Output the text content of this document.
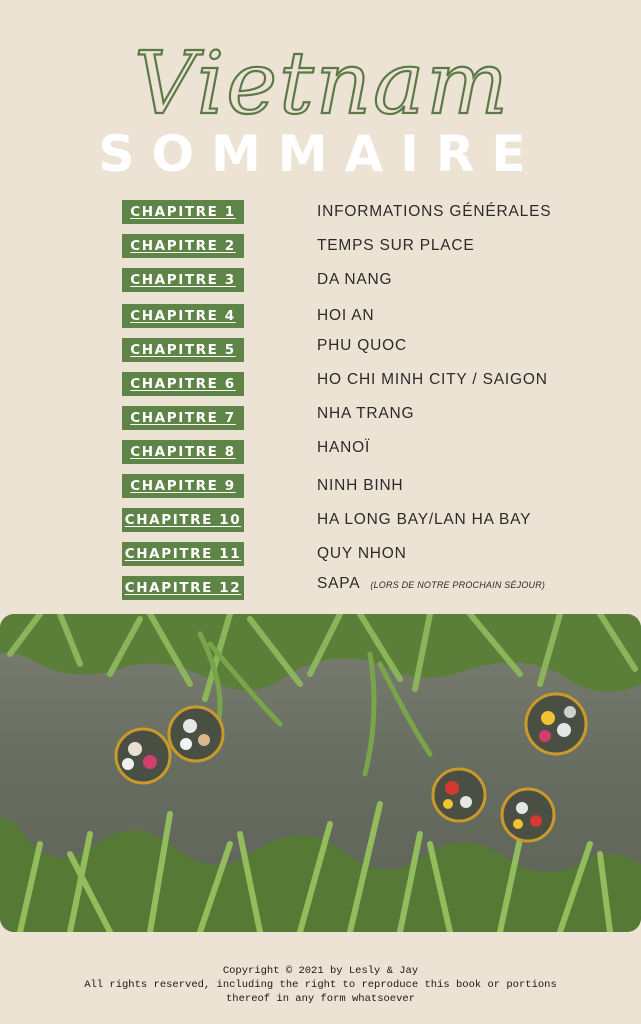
Vietnam
SOMMAIRE
CHAPITRE 1	INFORMATIONS GÉNÉRALES
CHAPITRE 2	TEMPS SUR PLACE
CHAPITRE 3	DA NANG
CHAPITRE 4	HOI AN
CHAPITRE 5	PHU QUOC
CHAPITRE 6	HO CHI MINH CITY / SAIGON
CHAPITRE 7	NHA TRANG
CHAPITRE 8	HANOÏ
CHAPITRE 9	NINH BINH
CHAPITRE 10	HA LONG BAY/LAN HA BAY
CHAPITRE 11	QUY NHON
CHAPITRE 12	SAPA (LORS DE NOTRE PROCHAIN SÉJOUR)
Copyright © 2021 by Lesly & Jay
All rights reserved, including the right to reproduce this book or portions
thereof in any form whatsoever
